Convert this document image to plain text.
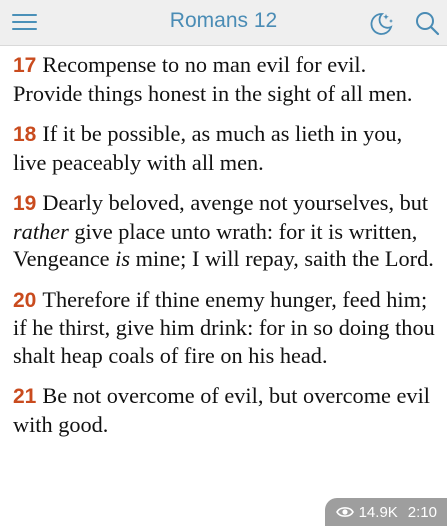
Romans 12

17 Recompense to no man evil for evil. Provide things honest in the sight of all men.

18 If it be possible, as much as lieth in you, live peaceably with all men.

19 Dearly beloved, avenge not yourselves, but rather give place unto wrath: for it is written, Vengeance is mine; I will repay, saith the Lord.

20 Therefore if thine enemy hunger, feed him; if he thirst, give him drink: for in so doing thou shalt heap coals of fire on his head.

21 Be not overcome of evil, but overcome evil with good.

14.9K 2:10
